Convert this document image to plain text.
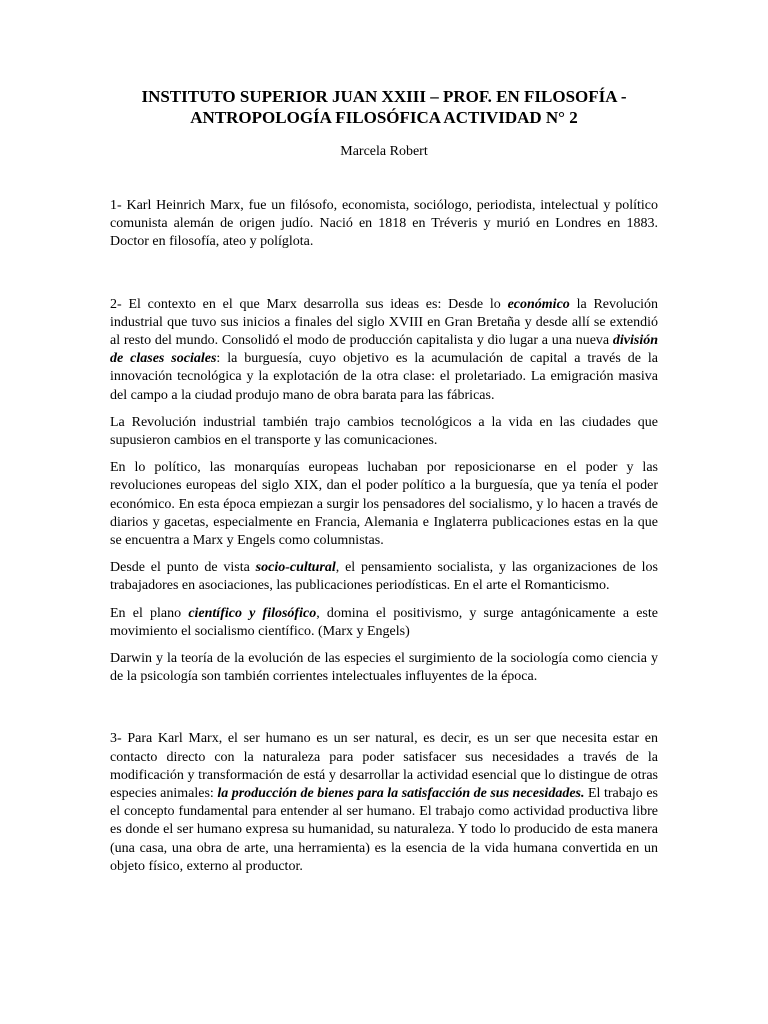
INSTITUTO SUPERIOR JUAN XXIII – PROF. EN FILOSOFÍA -
ANTROPOLOGÍA FILOSÓFICA ACTIVIDAD N° 2

Marcela Robert

1- Karl Heinrich Marx, fue un filósofo, economista, sociólogo, periodista, intelectual y político comunista alemán de origen judío. Nació en 1818 en Tréveris y murió en Londres en 1883. Doctor en filosofía, ateo y políglota.

2- El contexto en el que Marx desarrolla sus ideas es: Desde lo económico la Revolución industrial que tuvo sus inicios a finales del siglo XVIII en Gran Bretaña y desde allí se extendió al resto del mundo. Consolidó el modo de producción capitalista y dio lugar a una nueva división de clases sociales: la burguesía, cuyo objetivo es la acumulación de capital a través de la innovación tecnológica y la explotación de la otra clase: el proletariado. La emigración masiva del campo a la ciudad produjo mano de obra barata para las fábricas.

La Revolución industrial también trajo cambios tecnológicos a la vida en las ciudades que supusieron cambios en el transporte y las comunicaciones.

En lo político, las monarquías europeas luchaban por reposicionarse en el poder y las revoluciones europeas del siglo XIX, dan el poder político a la burguesía, que ya tenía el poder económico. En esta época empiezan a surgir los pensadores del socialismo, y lo hacen a través de diarios y gacetas, especialmente en Francia, Alemania e Inglaterra publicaciones estas en la que se encuentra a Marx y Engels como columnistas.

Desde el punto de vista socio-cultural, el pensamiento socialista, y las organizaciones de los trabajadores en asociaciones, las publicaciones periodísticas. En el arte el Romanticismo.

En el plano científico y filosófico, domina el positivismo, y surge antagónicamente a este movimiento el socialismo científico. (Marx y Engels)

Darwin y la teoría de la evolución de las especies el surgimiento de la sociología como ciencia y de la psicología son también corrientes intelectuales influyentes de la época.

3- Para Karl Marx, el ser humano es un ser natural, es decir, es un ser que necesita estar en contacto directo con la naturaleza para poder satisfacer sus necesidades a través de la modificación y transformación de está y desarrollar la actividad esencial que lo distingue de otras especies animales: la producción de bienes para la satisfacción de sus necesidades. El trabajo es el concepto fundamental para entender al ser humano. El trabajo como actividad productiva libre es donde el ser humano expresa su humanidad, su naturaleza. Y todo lo producido de esta manera (una casa, una obra de arte, una herramienta) es la esencia de la vida humana convertida en un objeto físico, externo al productor.
